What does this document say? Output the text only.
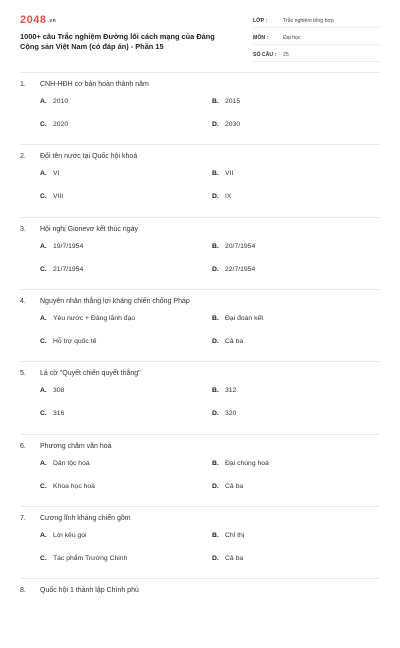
2048.vn
1000+ câu Trắc nghiệm Đường lối cách mạng của Đảng Cộng sản Việt Nam (có đáp án) - Phần 15
LỚP :	Trắc nghiệm tổng hợp
MÔN :	Đại học
SỐ CÂU :	25
1. CNH-HĐH cơ bản hoàn thành năm
A. 2010	B. 2015
C. 2020	D. 2030
2. Đổi tên nước tại Quốc hội khoá
A. VI	B. VII
C. VIII	D. IX
3. Hội nghị Gionevơ kết thúc ngày
A. 19/7/1954	B. 20/7/1954
C. 21/7/1954	D. 22/7/1954
4. Nguyên nhân thắng lợi kháng chiến chống Pháp
A. Yêu nước + Đảng lãnh đạo	B. Đại đoàn kết
C. Hỗ trợ quốc tế	D. Cả ba
5. Lá cờ "Quyết chiến quyết thắng"
A. 308	B. 312
C. 316	D. 320
6. Phương châm văn hoá
A. Dân tộc hoá	B. Đại chúng hoá
C. Khoa học hoá	D. Cả ba
7. Cương lĩnh kháng chiến gồm
A. Lời kêu gọi	B. Chỉ thị
C. Tác phẩm Trường Chinh	D. Cả ba
8. Quốc hội 1 thành lập Chính phủ
